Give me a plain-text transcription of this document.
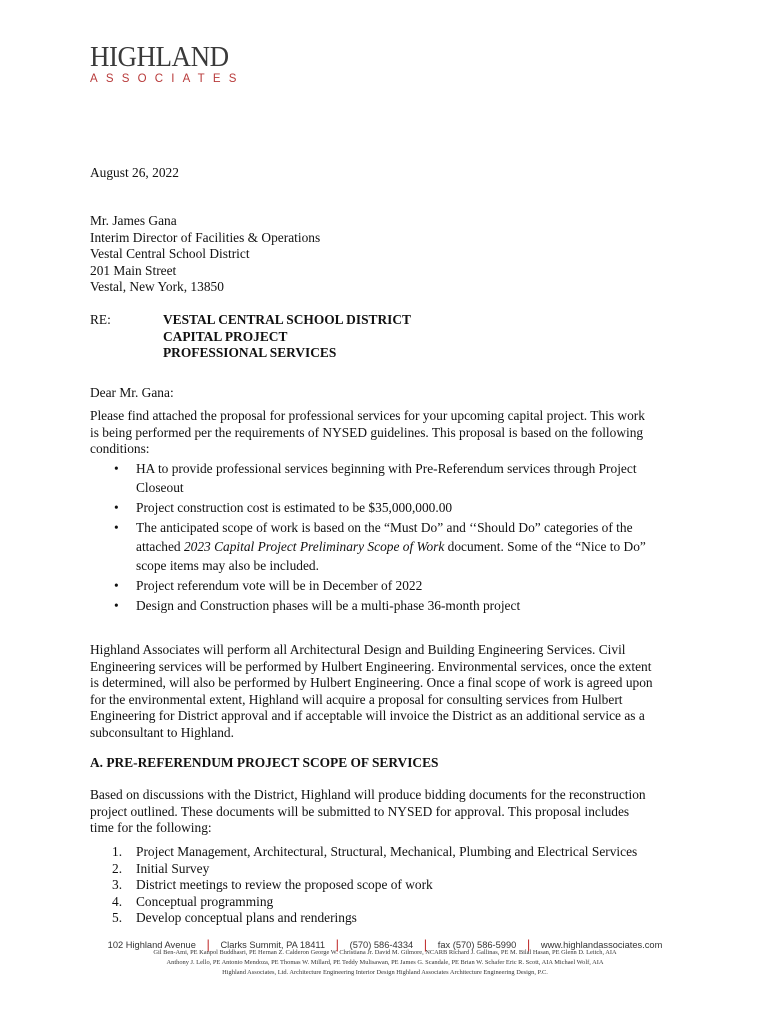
HIGHLAND
ASSOCIATES
August 26, 2022
Mr. James Gana
Interim Director of Facilities & Operations
Vestal Central School District
201 Main Street
Vestal, New York, 13850
RE:	VESTAL CENTRAL SCHOOL DISTRICT
CAPITAL PROJECT
PROFESSIONAL SERVICES
Dear Mr. Gana:
Please find attached the proposal for professional services for your upcoming capital project. This work
is being performed per the requirements of NYSED guidelines. This proposal is based on the following
conditions:
• HA to provide professional services beginning with Pre-Referendum services through Project
Closeout
• Project construction cost is estimated to be $35,000,000.00
• The anticipated scope of work is based on the “Must Do” and ‘‘Should Do” categories of the
attached 2023 Capital Project Preliminary Scope of Work document. Some of the “Nice to Do”
scope items may also be included.
• Project referendum vote will be in December of 2022
• Design and Construction phases will be a multi-phase 36-month project
Highland Associates will perform all Architectural Design and Building Engineering Services. Civil
Engineering services will be performed by Hulbert Engineering. Environmental services, once the extent
is determined, will also be performed by Hulbert Engineering. Once a final scope of work is agreed upon
for the environmental extent, Highland will acquire a proposal for consulting services from Hulbert
Engineering for District approval and if acceptable will invoice the District as an additional service as a
subconsultant to Highland.
A. PRE-REFERENDUM PROJECT SCOPE OF SERVICES
Based on discussions with the District, Highland will produce bidding documents for the reconstruction
project outlined. These documents will be submitted to NYSED for approval. This proposal includes
time for the following:
1. Project Management, Architectural, Structural, Mechanical, Plumbing and Electrical Services
2. Initial Survey
3. District meetings to review the proposed scope of work
4. Conceptual programming
5. Develop conceptual plans and renderings
102 Highland Avenue | Clarks Summit, PA 18411 | (570) 586-4334 | fax (570) 586-5990 | www.highlandassociates.com
Gil Ben-Ami, PE Kanpol Buddhasri, PE Hernan Z. Calderon George W. Christiana Jr. David M. Gilmore, NCARB Richard J. Gallinas, PE M. Bilal Hasan, PE Glenn D. Leitch, AIA
Anthony J. Lello, PE Antonio Mendoza, PE Thomas W. Millard, PE Teddy Mulisawan, PE James G. Scandale, PE Brian W. Schafer Eric R. Scott, AIA Michael Wolf, AIA
Highland Associates, Ltd. Architecture Engineering Interior Design Highland Associates Architecture Engineering Design, P.C.
